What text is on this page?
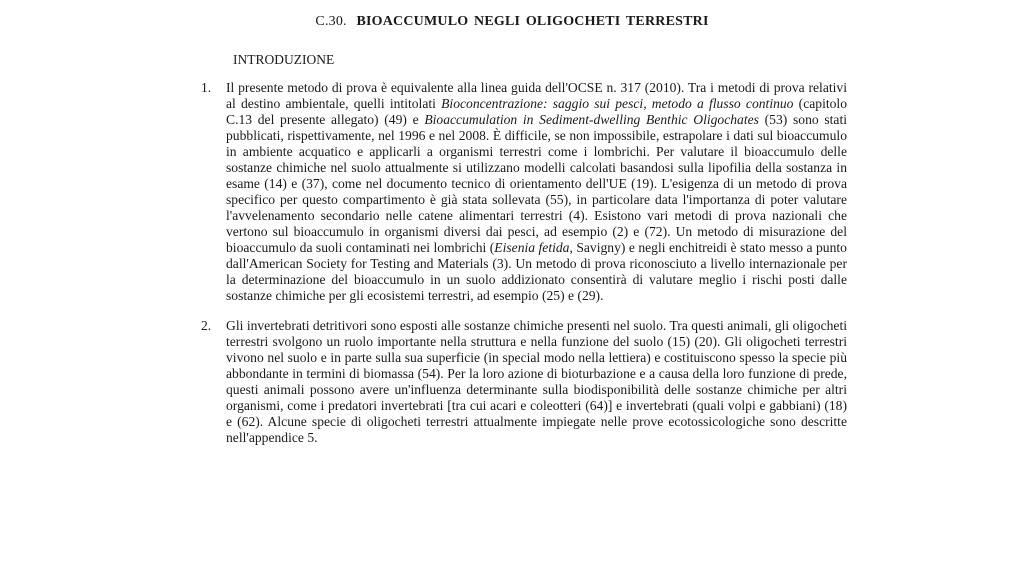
C.30. BIOACCUMULO NEGLI OLIGOCHETI TERRESTRI
INTRODUZIONE
1. Il presente metodo di prova è equivalente alla linea guida dell'OCSE n. 317 (2010). Tra i metodi di prova relativi al destino ambientale, quelli intitolati Bioconcentrazione: saggio sui pesci, metodo a flusso continuo (capitolo C.13 del presente allegato) (49) e Bioaccumulation in Sediment-dwelling Benthic Oligochates (53) sono stati pubblicati, rispettivamente, nel 1996 e nel 2008. È difficile, se non impossibile, estrapolare i dati sul bioaccumulo in ambiente acquatico e applicarli a organismi terrestri come i lombrichi. Per valutare il bioaccumulo delle sostanze chimiche nel suolo attualmente si utilizzano modelli calcolati basandosi sulla lipofilia della sostanza in esame (14) e (37), come nel documento tecnico di orientamento dell'UE (19). L'esigenza di un metodo di prova specifico per questo compartimento è già stata sollevata (55), in particolare data l'importanza di poter valutare l'avvelenamento secondario nelle catene alimentari terrestri (4). Esistono vari metodi di prova nazionali che vertono sul bioaccumulo in organismi diversi dai pesci, ad esempio (2) e (72). Un metodo di misurazione del bioaccumulo da suoli contaminati nei lombrichi (Eisenia fetida, Savigny) e negli enchitreidi è stato messo a punto dall'American Society for Testing and Materials (3). Un metodo di prova riconosciuto a livello internazionale per la determinazione del bioaccumulo in un suolo addizionato consentirà di valutare meglio i rischi posti dalle sostanze chimiche per gli ecosistemi terrestri, ad esempio (25) e (29).
2. Gli invertebrati detritivori sono esposti alle sostanze chimiche presenti nel suolo. Tra questi animali, gli oligocheti terrestri svolgono un ruolo importante nella struttura e nella funzione del suolo (15) (20). Gli oligocheti terrestri vivono nel suolo e in parte sulla sua superficie (in special modo nella lettiera) e costituiscono spesso la specie più abbondante in termini di biomassa (54). Per la loro azione di bioturbazione e a causa della loro funzione di prede, questi animali possono avere un'influenza determinante sulla biodisponibilità delle sostanze chimiche per altri organismi, come i predatori invertebrati [tra cui acari e coleotteri (64)] e invertebrati (quali volpi e gabbiani) (18) e (62). Alcune specie di oligocheti terrestri attualmente impiegate nelle prove ecotossicologiche sono descritte nell'appendice 5.
